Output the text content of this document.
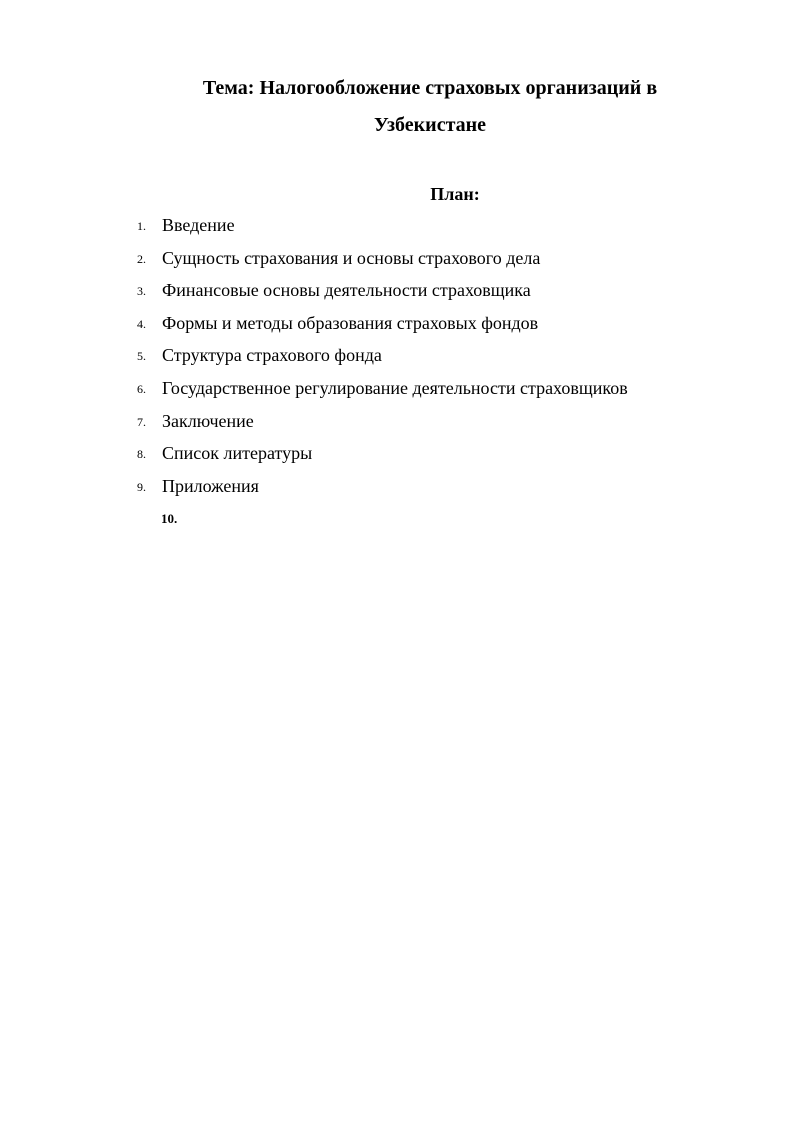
Тема: Налогообложение страховых организаций в
Узбекистане
План:
1. Введение
2. Сущность страхования и основы страхового дела
3. Финансовые основы деятельности страховщика
4. Формы и методы образования страховых фондов
5. Структура страхового фонда
6. Государственное регулирование деятельности страховщиков
7. Заключение
8. Список литературы
9. Приложения
10.
